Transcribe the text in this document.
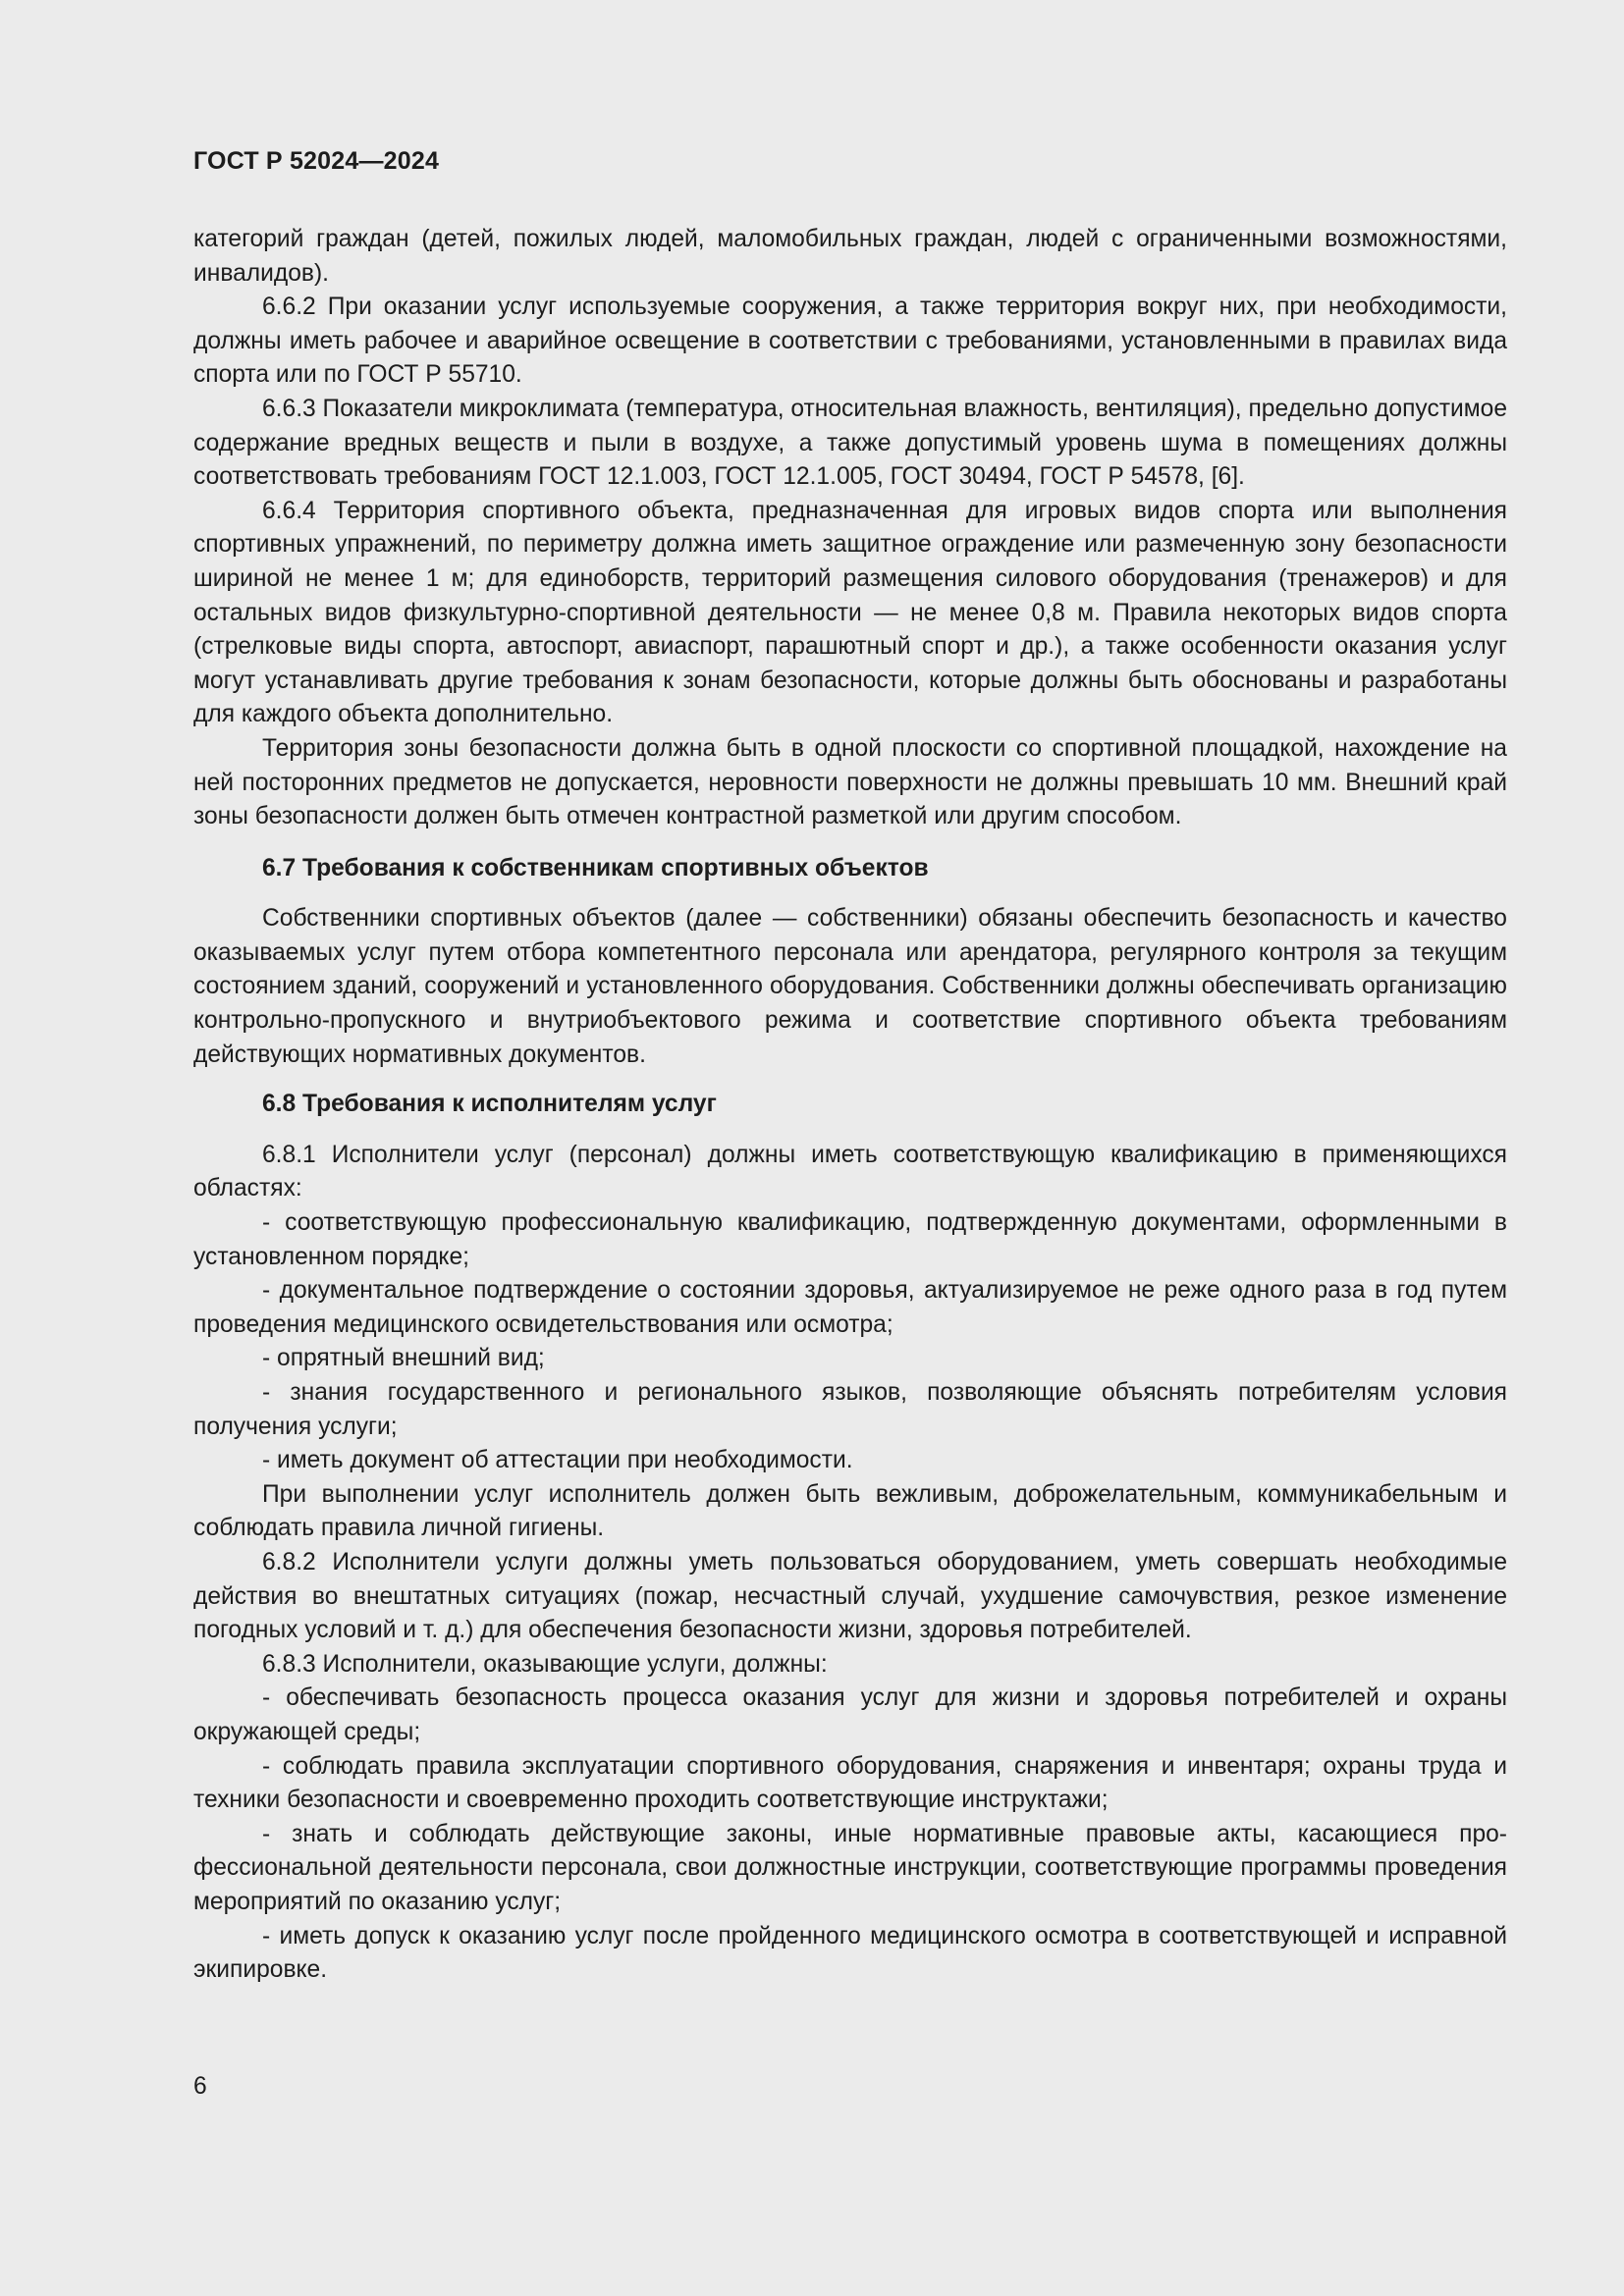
ГОСТ Р 52024—2024

категорий граждан (детей, пожилых людей, маломобильных граждан, людей с ограниченными возможностями, инвалидов).

6.6.2 При оказании услуг используемые сооружения, а также территория вокруг них, при необходимости, должны иметь рабочее и аварийное освещение в соответствии с требованиями, установленными в правилах вида спорта или по ГОСТ Р 55710.

6.6.3 Показатели микроклимата (температура, относительная влажность, вентиляция), предельно допустимое содержание вредных веществ и пыли в воздухе, а также допустимый уровень шума в помещениях должны соответствовать требованиям ГОСТ 12.1.003, ГОСТ 12.1.005, ГОСТ 30494, ГОСТ Р 54578, [6].

6.6.4 Территория спортивного объекта, предназначенная для игровых видов спорта или выполнения спортивных упражнений, по периметру должна иметь защитное ограждение или размеченную зону безопасности шириной не менее 1 м; для единоборств, территорий размещения силового оборудования (тренажеров) и для остальных видов физкультурно-спортивной деятельности — не менее 0,8 м. Правила некоторых видов спорта (стрелковые виды спорта, автоспорт, авиаспорт, парашютный спорт и др.), а также особенности оказания услуг могут устанавливать другие требования к зонам безопасности, которые должны быть обоснованы и разработаны для каждого объекта дополнительно.

Территория зоны безопасности должна быть в одной плоскости со спортивной площадкой, нахождение на ней посторонних предметов не допускается, неровности поверхности не должны превышать 10 мм. Внешний край зоны безопасности должен быть отмечен контрастной разметкой или другим способом.

6.7 Требования к собственникам спортивных объектов

Собственники спортивных объектов (далее — собственники) обязаны обеспечить безопасность и качество оказываемых услуг путем отбора компетентного персонала или арендатора, регулярного контроля за текущим состоянием зданий, сооружений и установленного оборудования. Собственники должны обеспечивать организацию контрольно-пропускного и внутриобъектового режима и соответствие спортивного объекта требованиям действующих нормативных документов.

6.8 Требования к исполнителям услуг

6.8.1 Исполнители услуг (персонал) должны иметь соответствующую квалификацию в применяющихся областях:

- соответствующую профессиональную квалификацию, подтвержденную документами, оформленными в установленном порядке;

- документальное подтверждение о состоянии здоровья, актуализируемое не реже одного раза в год путем проведения медицинского освидетельствования или осмотра;

- опрятный внешний вид;

- знания государственного и регионального языков, позволяющие объяснять потребителям условия получения услуги;

- иметь документ об аттестации при необходимости.

При выполнении услуг исполнитель должен быть вежливым, доброжелательным, коммуникабельным и соблюдать правила личной гигиены.

6.8.2 Исполнители услуги должны уметь пользоваться оборудованием, уметь совершать необходимые действия во внештатных ситуациях (пожар, несчастный случай, ухудшение самочувствия, резкое изменение погодных условий и т. д.) для обеспечения безопасности жизни, здоровья потребителей.

6.8.3 Исполнители, оказывающие услуги, должны:

- обеспечивать безопасность процесса оказания услуг для жизни и здоровья потребителей и охраны окружающей среды;

- соблюдать правила эксплуатации спортивного оборудования, снаряжения и инвентаря; охраны труда и техники безопасности и своевременно проходить соответствующие инструктажи;

- знать и соблюдать действующие законы, иные нормативные правовые акты, касающиеся профессиональной деятельности персонала, свои должностные инструкции, соответствующие программы проведения мероприятий по оказанию услуг;

- иметь допуск к оказанию услуг после пройденного медицинского осмотра в соответствующей и исправной экипировке.

6
